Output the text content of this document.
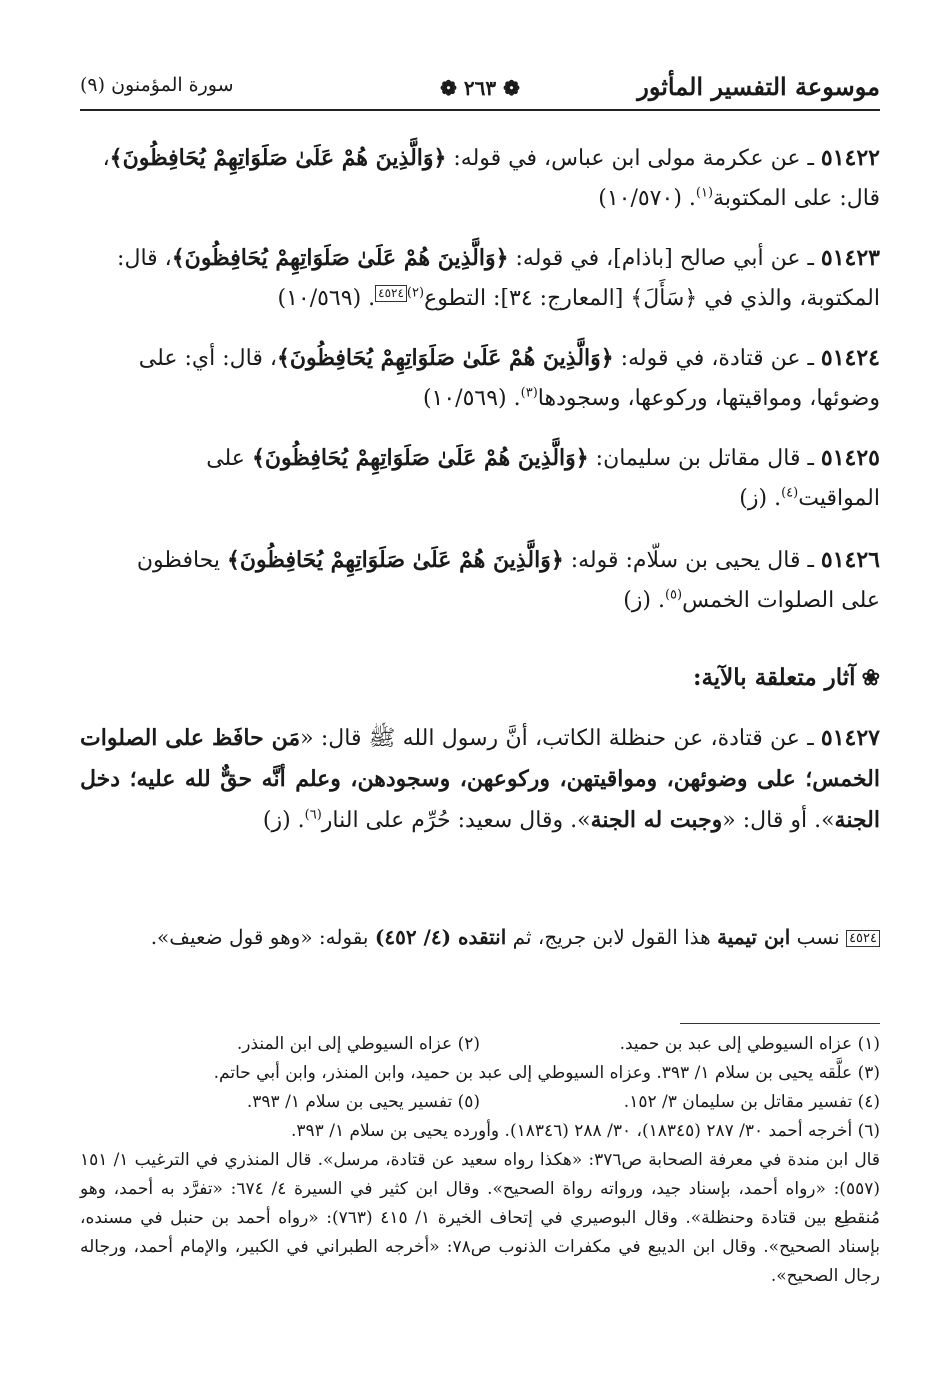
موسوعة التفسير المأثور
❁ ٢٦٣ ❁
سورة المؤمنون (٩)
٥١٤٢٢ ـ عن عكرمة مولى ابن عباس، في قوله: ﴿وَالَّذِينَ هُمْ عَلَىٰ صَلَوَاتِهِمْ يُحَافِظُونَ﴾،
قال: على المكتوبة$^{(١)}$. (١٠/٥٧٠)
٥١٤٢٣ ـ عن أبي صالح [باذام]، في قوله: ﴿وَالَّذِينَ هُمْ عَلَىٰ صَلَوَاتِهِمْ يُحَافِظُونَ﴾، قال:
المكتوبة، والذي في ﴿سَأَلَ﴾ [المعارج: ٣٤]: التطوع$^{(٢)}$٤٥٢٤. (١٠/٥٦٩)
٥١٤٢٤ ـ عن قتادة، في قوله: ﴿وَالَّذِينَ هُمْ عَلَىٰ صَلَوَاتِهِمْ يُحَافِظُونَ﴾، قال: أي: على
وضوئها، ومواقيتها، وركوعها، وسجودها$^{(٣)}$. (١٠/٥٦٩)
٥١٤٢٥ ـ قال مقاتل بن سليمان: ﴿وَالَّذِينَ هُمْ عَلَىٰ صَلَوَاتِهِمْ يُحَافِظُونَ﴾ على
المواقيت$^{(٤)}$. (ز)
٥١٤٢٦ ـ قال يحيى بن سلّام: قوله: ﴿وَالَّذِينَ هُمْ عَلَىٰ صَلَوَاتِهِمْ يُحَافِظُونَ﴾ يحافظون
على الصلوات الخمس$^{(٥)}$. (ز)
❀آثار متعلقة بالآية:
٥١٤٢٧ ـ عن قتادة، عن حنظلة الكاتب، أنَّ رسول الله ﷺ قال: «مَن حافَظ على الصلوات الخمس؛ على وضوئهن، ومواقيتهن، وركوعهن، وسجودهن، وعلم أنَّه حقٌّ لله عليه؛ دخل الجنة». أو قال: «وجبت له الجنة». وقال سعيد: حُرِّم على النار$^{(٦)}$. (ز)
٤٥٢٤ نسب ابن تيمية هذا القول لابن جريج، ثم انتقده (٤/ ٤٥٢) بقوله: «وهو قول ضعيف».
(١) عزاه السيوطي إلى عبد بن حميد.
(٢) عزاه السيوطي إلى ابن المنذر.
(٣) علَّقه يحيى بن سلام ١/ ٣٩٣. وعزاه السيوطي إلى عبد بن حميد، وابن المنذر، وابن أبي حاتم.
(٤) تفسير مقاتل بن سليمان ٣/ ١٥٢.
(٥) تفسير يحيى بن سلام ١/ ٣٩٣.
(٦) أخرجه أحمد ٣٠/ ٢٨٧ (١٨٣٤٥)، ٣٠/ ٢٨٨ (١٨٣٤٦). وأورده يحيى بن سلام ١/ ٣٩٣.
قال ابن مندة في معرفة الصحابة ص٣٧٦: «هكذا رواه سعيد عن قتادة، مرسل». قال المنذري في الترغيب ١/ ١٥١ (٥٥٧): «رواه أحمد، بإسناد جيد، ورواته رواة الصحيح». وقال ابن كثير في السيرة ٤/ ٦٧٤: «تفرَّد به أحمد، وهو مُنقطِع بين قتادة وحنظلة». وقال البوصيري في إتحاف الخيرة ١/ ٤١٥ (٧٦٣): «رواه أحمد بن حنبل في مسنده، بإسناد الصحيح». وقال ابن الديبع في مكفرات الذنوب ص٧٨: «أخرجه الطبراني في الكبير، والإمام أحمد، ورجاله رجال الصحيح».
